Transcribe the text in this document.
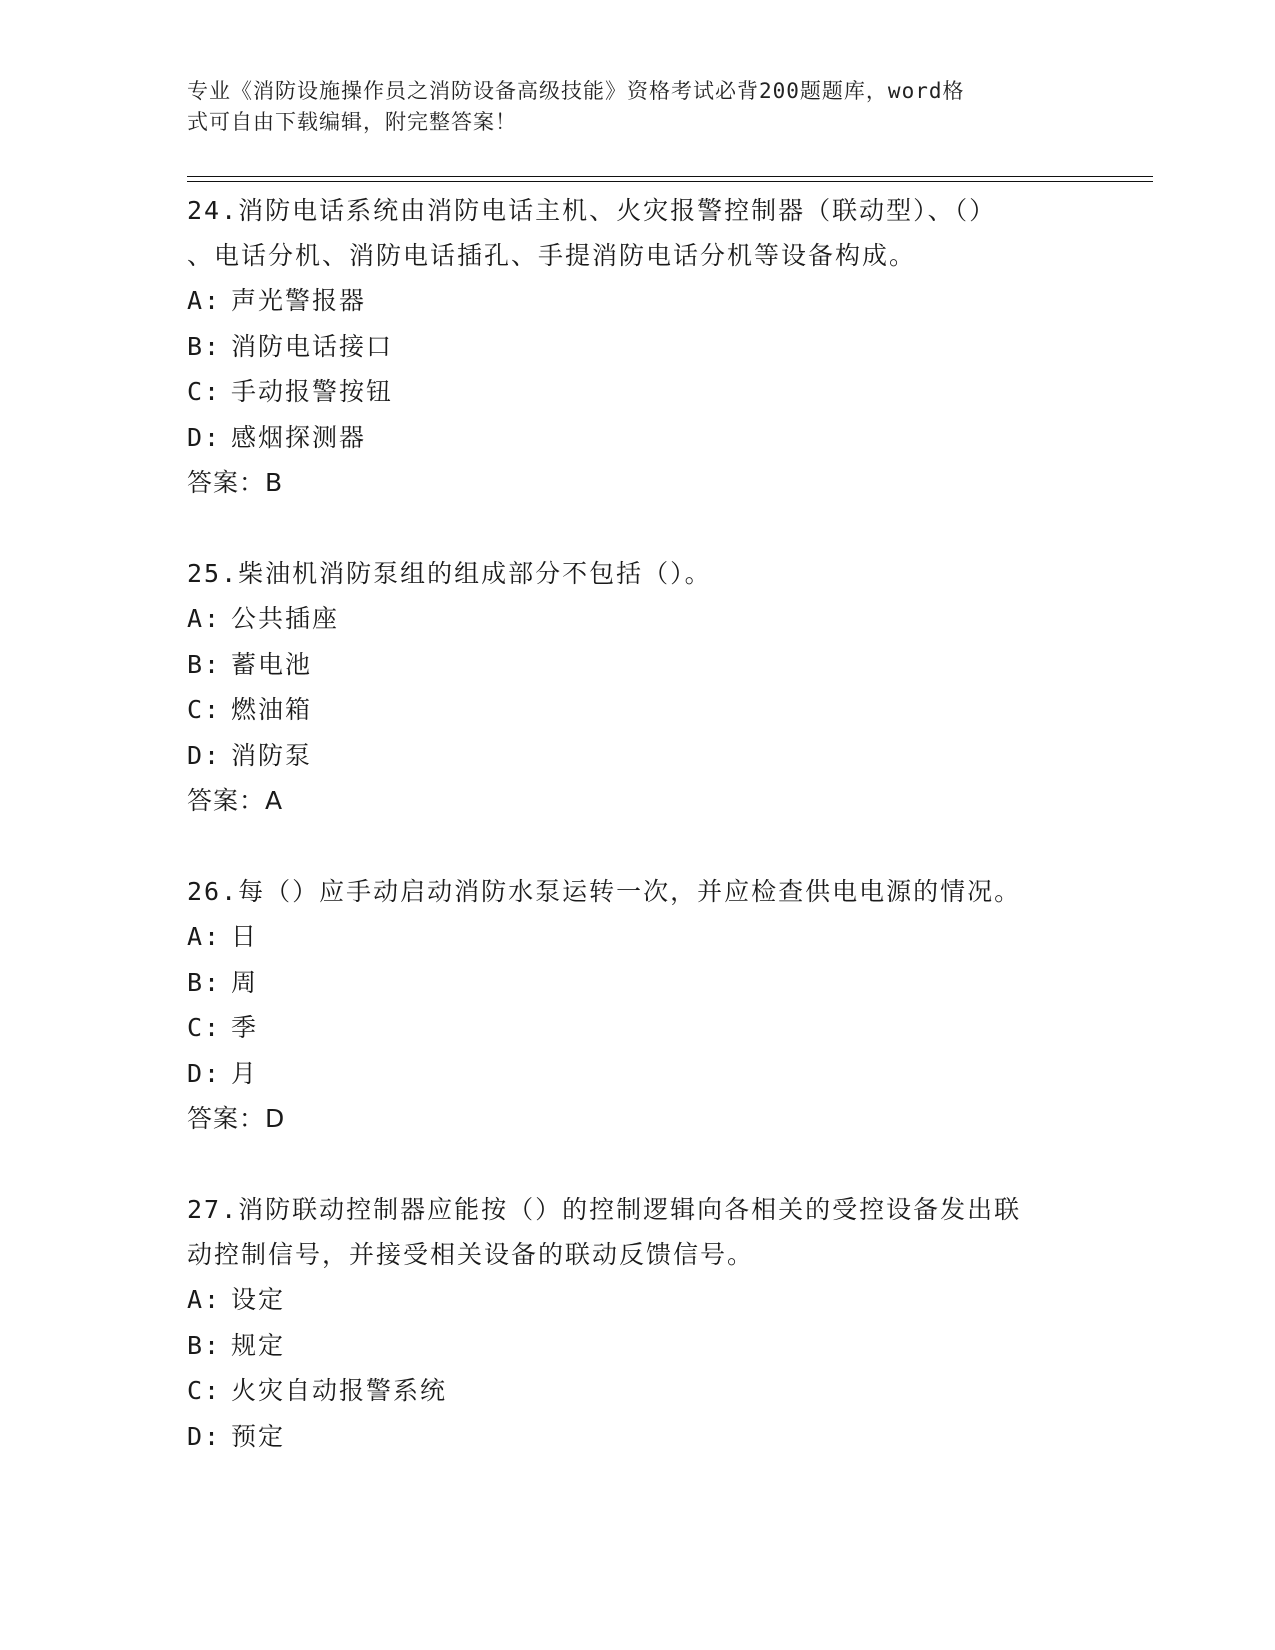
专业《消防设施操作员之消防设备高级技能》资格考试必背200题题库，word格
式可自由下载编辑，附完整答案！
24.消防电话系统由消防电话主机、火灾报警控制器（联动型）、（）
、电话分机、消防电话插孔、手提消防电话分机等设备构成。
A: 声光警报器
B: 消防电话接口
C: 手动报警按钮
D: 感烟探测器
答案：B
25.柴油机消防泵组的组成部分不包括（）。
A: 公共插座
B: 蓄电池
C: 燃油箱
D: 消防泵
答案：A
26.每（）应手动启动消防水泵运转一次，并应检查供电电源的情况。
A: 日
B: 周
C: 季
D: 月
答案：D
27.消防联动控制器应能按（）的控制逻辑向各相关的受控设备发出联
动控制信号，并接受相关设备的联动反馈信号。
A: 设定
B: 规定
C: 火灾自动报警系统
D: 预定
